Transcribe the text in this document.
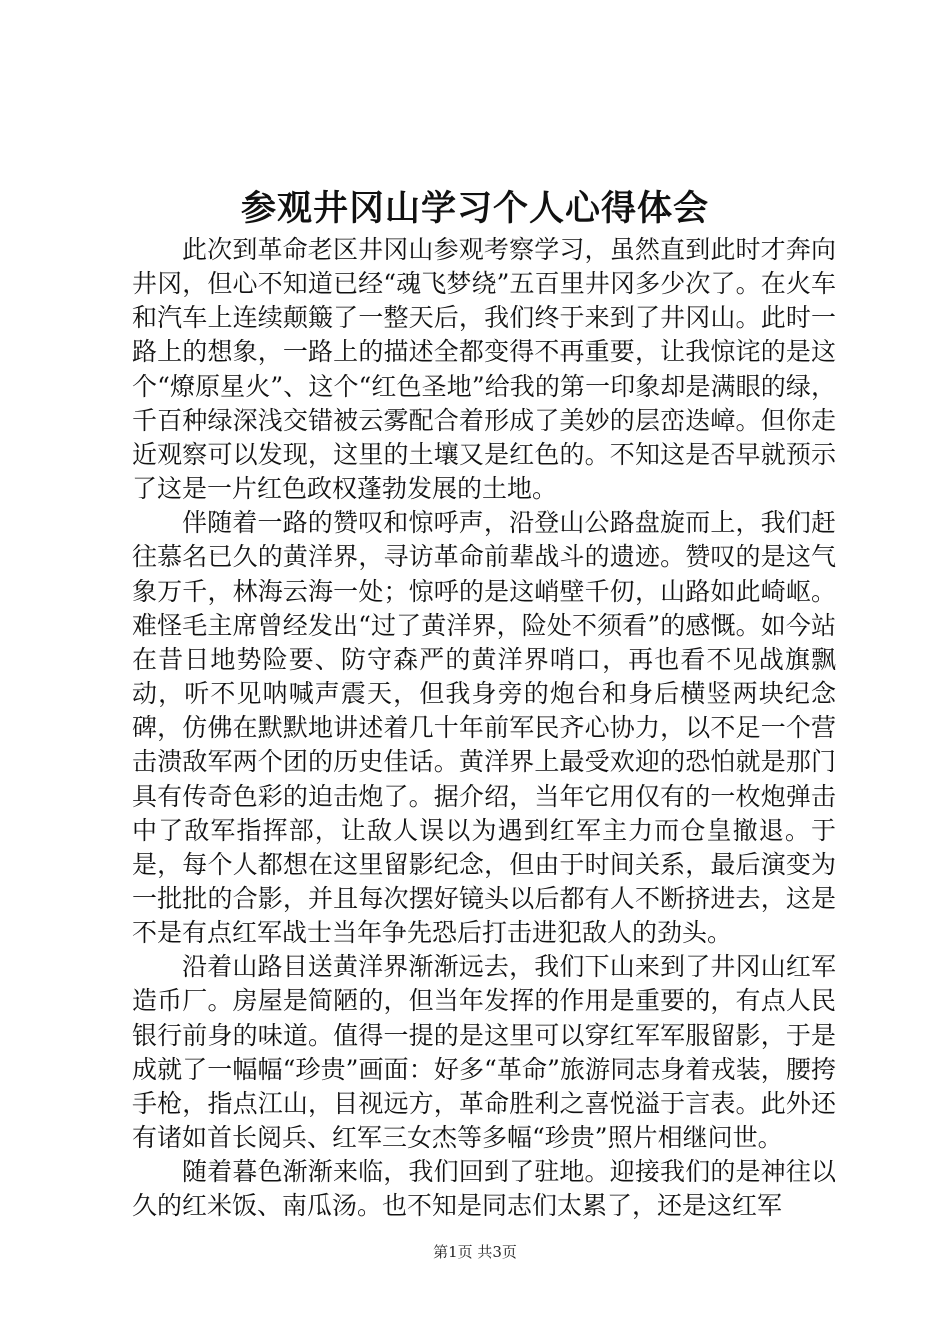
参观井冈山学习个人心得体会

此次到革命老区井冈山参观考察学习，虽然直到此时才奔向井冈，但心不知道已经“魂飞梦绕”五百里井冈多少次了。在火车和汽车上连续颠簸了一整天后，我们终于来到了井冈山。此时一路上的想象，一路上的描述全都变得不再重要，让我惊诧的是这个“燎原星火”、这个“红色圣地”给我的第一印象却是满眼的绿，千百种绿深浅交错被云雾配合着形成了美妙的层峦迭嶂。但你走近观察可以发现，这里的土壤又是红色的。不知这是否早就预示了这是一片红色政权蓬勃发展的土地。

伴随着一路的赞叹和惊呼声，沿登山公路盘旋而上，我们赶往慕名已久的黄洋界，寻访革命前辈战斗的遗迹。赞叹的是这气象万千，林海云海一处；惊呼的是这峭壁千仞，山路如此崎岖。难怪毛主席曾经发出“过了黄洋界，险处不须看”的感慨。如今站在昔日地势险要、防守森严的黄洋界哨口，再也看不见战旗飘动，听不见呐喊声震天，但我身旁的炮台和身后横竖两块纪念碑，仿佛在默默地讲述着几十年前军民齐心协力，以不足一个营击溃敌军两个团的历史佳话。黄洋界上最受欢迎的恐怕就是那门具有传奇色彩的迫击炮了。据介绍，当年它用仅有的一枚炮弹击中了敌军指挥部，让敌人误以为遇到红军主力而仓皇撤退。于是，每个人都想在这里留影纪念，但由于时间关系，最后演变为一批批的合影，并且每次摆好镜头以后都有人不断挤进去，这是不是有点红军战士当年争先恐后打击进犯敌人的劲头。

沿着山路目送黄洋界渐渐远去，我们下山来到了井冈山红军造币厂。房屋是简陋的，但当年发挥的作用是重要的，有点人民银行前身的味道。值得一提的是这里可以穿红军军服留影，于是成就了一幅幅“珍贵”画面：好多“革命”旅游同志身着戎装，腰挎手枪，指点江山，目视远方，革命胜利之喜悦溢于言表。此外还有诸如首长阅兵、红军三女杰等多幅“珍贵”照片相继问世。

随着暮色渐渐来临，我们回到了驻地。迎接我们的是神往以久的红米饭、南瓜汤。也不知是同志们太累了，还是这红军

第1页 共3页
